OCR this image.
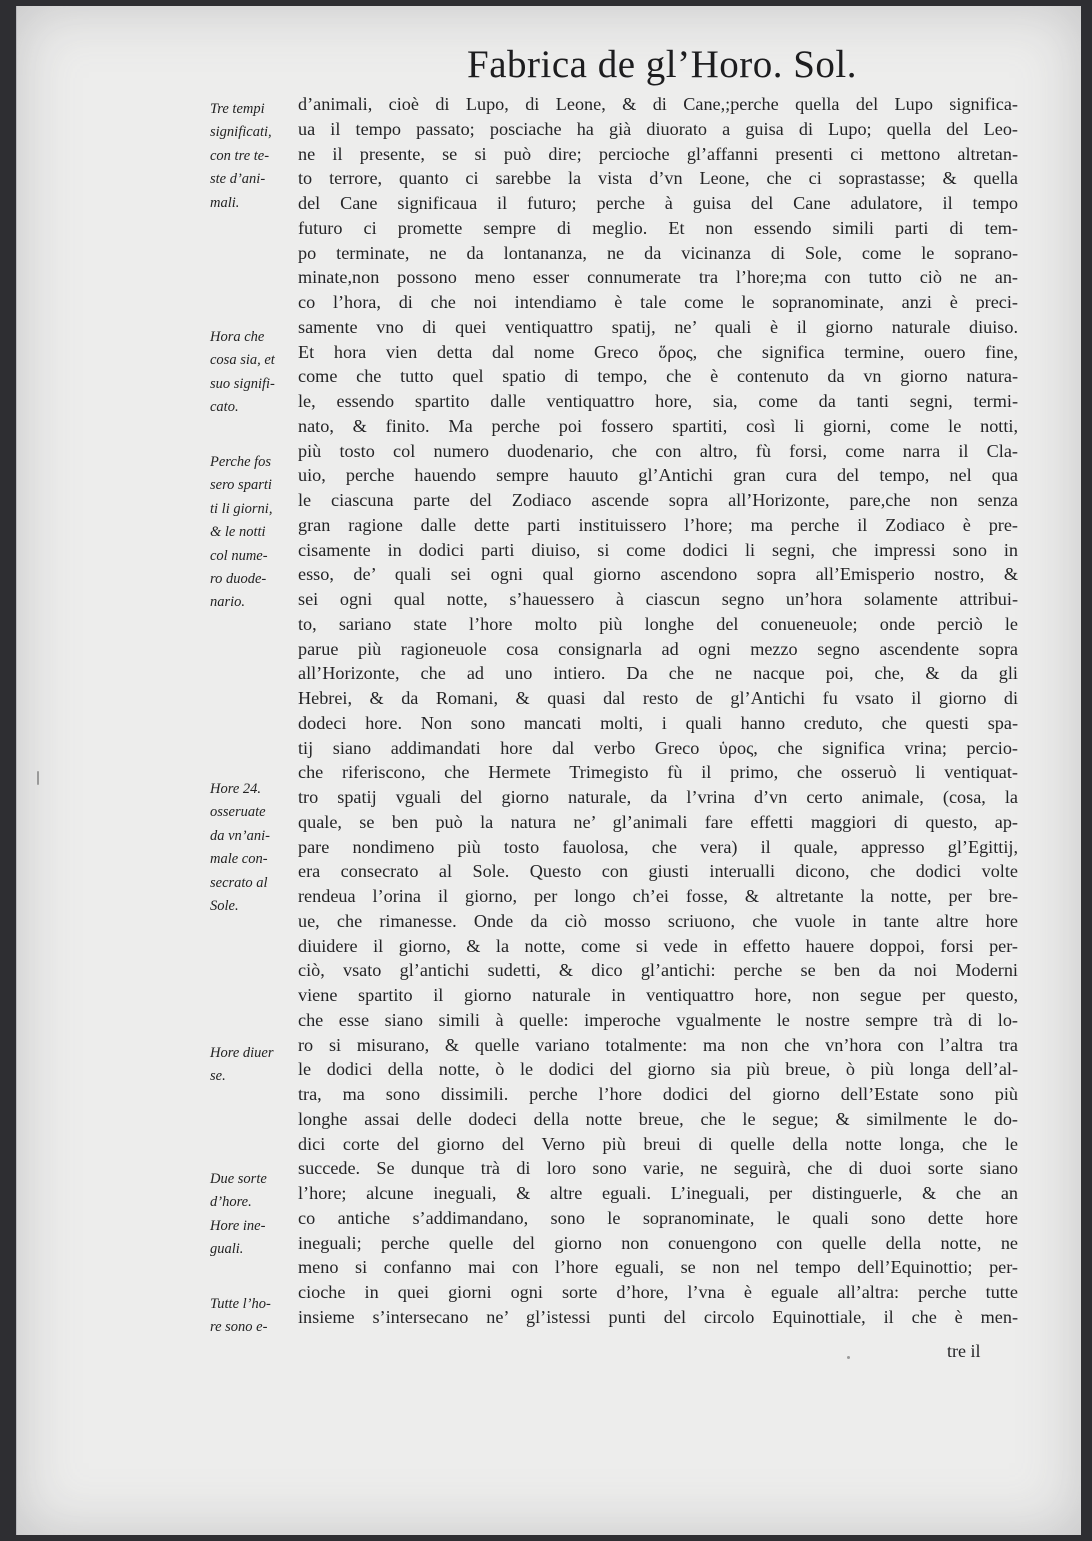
Fabrica de gl’Horo. Sol.
Tre tempi
significati,
con tre te-
ste d’ani-
mali.
Hora che
cosa sia, et
suo signifi-
cato.
Perche fos
sero sparti
ti li giorni,
& le notti
col nume-
ro duode-
nario.
Hore 24.
osseruate
da vn’ani-
male con-
secrato al
Sole.
Hore diuer
se.
Due sorte
d’hore.
Hore ine-
guali.
Tutte l’ho-
re sono e-
d’animali, cioè di Lupo, di Leone, & di Cane,;perche quella del Lupo significa-
ua il tempo passato; posciache ha già diuorato a guisa di Lupo; quella del Leo-
ne il presente, se si può dire; percioche gl’affanni presenti ci mettono altretan-
to terrore, quanto ci sarebbe la vista d’vn Leone, che ci soprastasse; & quella
del Cane significaua il futuro; perche à guisa del Cane adulatore, il tempo
futuro ci promette sempre di meglio. Et non essendo simili parti di tem-
po terminate, ne da lontananza, ne da vicinanza di Sole, come le soprano-
minate,non possono meno esser connumerate tra l’hore;ma con tutto ciò ne an-
co l’hora, di che noi intendiamo è tale come le sopranominate, anzi è preci-
samente vno di quei ventiquattro spatij, ne’ quali è il giorno naturale diuiso.
Et hora vien detta dal nome Greco ὅρος, che significa termine, ouero fine,
come che tutto quel spatio di tempo, che è contenuto da vn giorno natura-
le, essendo spartito dalle ventiquattro hore, sia, come da tanti segni, termi-
nato, & finito. Ma perche poi fossero spartiti, così li giorni, come le notti,
più tosto col numero duodenario, che con altro, fù forsi, come narra il Cla-
uio, perche hauendo sempre hauuto gl’Antichi gran cura del tempo, nel qua
le ciascuna parte del Zodiaco ascende sopra all’Horizonte, pare,che non senza
gran ragione dalle dette parti instituissero l’hore; ma perche il Zodiaco è pre-
cisamente in dodici parti diuiso, si come dodici li segni, che impressi sono in
esso, de’ quali sei ogni qual giorno ascendono sopra all’Emisperio nostro, &
sei ogni qual notte, s’hauessero à ciascun segno un’hora solamente attribui-
to, sariano state l’hore molto più longhe del conueneuole; onde perciò le
parue più ragioneuole cosa consignarla ad ogni mezzo segno ascendente sopra
all’Horizonte, che ad uno intiero. Da che ne nacque poi, che, & da gli
Hebrei, & da Romani, & quasi dal resto de gl’Antichi fu vsato il giorno di
dodeci hore. Non sono mancati molti, i quali hanno creduto, che questi spa-
tij siano addimandati hore dal verbo Greco ὑρος, che significa vrina; percio-
che riferiscono, che Hermete Trimegisto fù il primo, che osseruò li ventiquat-
tro spatij vguali del giorno naturale, da l’vrina d’vn certo animale, (cosa, la
quale, se ben può la natura ne’ gl’animali fare effetti maggiori di questo, ap-
pare nondimeno più tosto fauolosa, che vera) il quale, appresso gl’Egittij,
era consecrato al Sole. Questo con giusti interualli dicono, che dodici volte
rendeua l’orina il giorno, per longo ch’ei fosse, & altretante la notte, per bre-
ue, che rimanesse. Onde da ciò mosso scriuono, che vuole in tante altre hore
diuidere il giorno, & la notte, come si vede in effetto hauere doppoi, forsi per-
ciò, vsato gl’antichi sudetti, & dico gl’antichi: perche se ben da noi Moderni
viene spartito il giorno naturale in ventiquattro hore, non segue per questo,
che esse siano simili à quelle: imperoche vgualmente le nostre sempre trà di lo-
ro si misurano, & quelle variano totalmente: ma non che vn’hora con l’altra tra
le dodici della notte, ò le dodici del giorno sia più breue, ò più longa dell’al-
tra, ma sono dissimili. perche l’hore dodici del giorno dell’Estate sono più
longhe assai delle dodeci della notte breue, che le segue; & similmente le do-
dici corte del giorno del Verno più breui di quelle della notte longa, che le
succede. Se dunque trà di loro sono varie, ne seguirà, che di duoi sorte siano
l’hore; alcune ineguali, & altre eguali. L’ineguali, per distinguerle, & che an
co antiche s’addimandano, sono le sopranominate, le quali sono dette hore
ineguali; perche quelle del giorno non conuengono con quelle della notte, ne
meno si confanno mai con l’hore eguali, se non nel tempo dell’Equinottio; per-
cioche in quei giorni ogni sorte d’hore, l’vna è eguale all’altra: perche tutte
insieme s’intersecano ne’ gl’istessi punti del circolo Equinottiale, il che è men-
tre il
